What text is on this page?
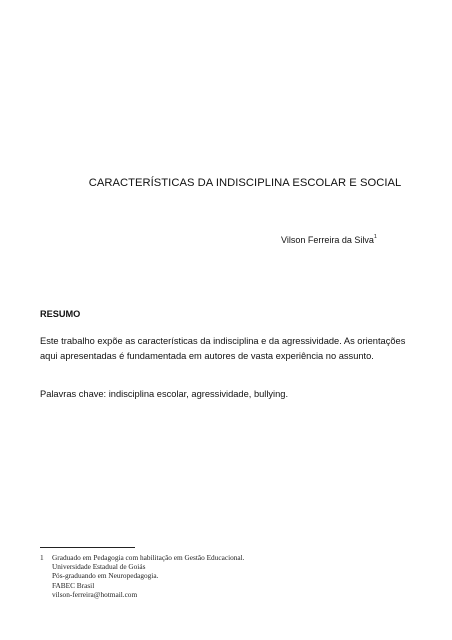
CARACTERÍSTICAS DA INDISCIPLINA ESCOLAR E SOCIAL
Vilson Ferreira da Silva$^1$
RESUMO
Este trabalho expõe as características da indisciplina e da agressividade. As orientações
aqui apresentadas é fundamentada em autores de vasta experiência no assunto.
Palavras chave: indisciplina escolar, agressividade, bullying.
1 Graduado em Pedagogia com habilitação em Gestão Educacional.
Universidade Estadual de Goiás
Pós-graduando em Neuropedagogia.
FABEC Brasil
vilson-ferreira@hotmail.com
